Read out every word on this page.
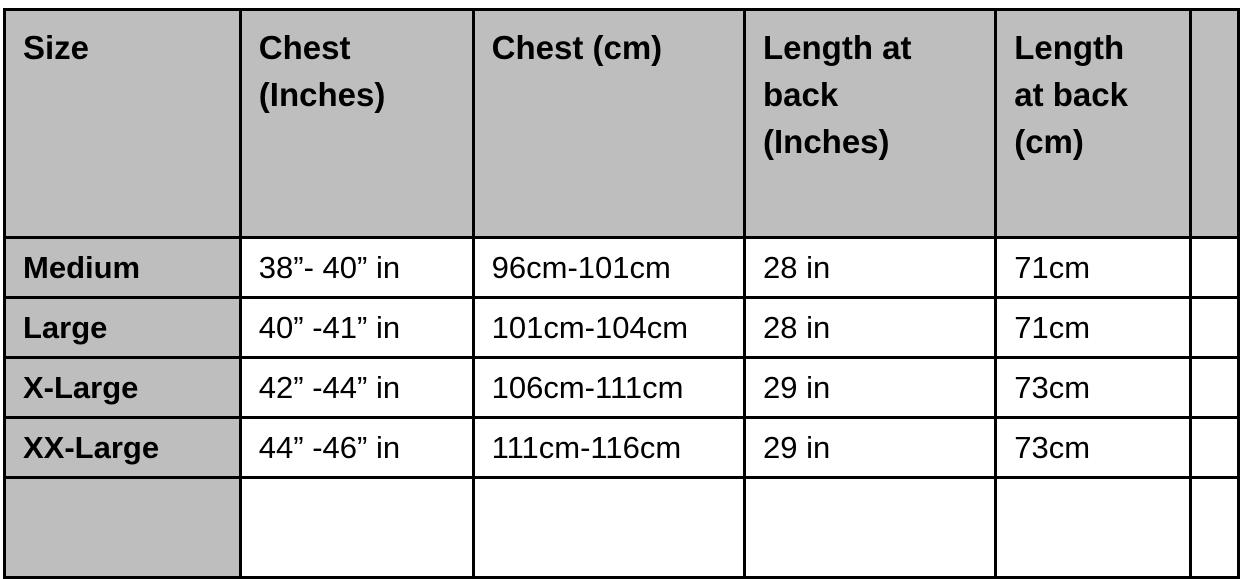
Size	Chest (Inches)	Chest (cm)	Length at back (Inches)	Length at back (cm)	
Medium	38”- 40” in	96cm-101cm	28 in	71cm	
Large	40” -41” in	101cm-104cm	28 in	71cm	
X-Large	42” -44” in	106cm-111cm	29 in	73cm	
XX-Large	44” -46” in	111cm-116cm	29 in	73cm	
